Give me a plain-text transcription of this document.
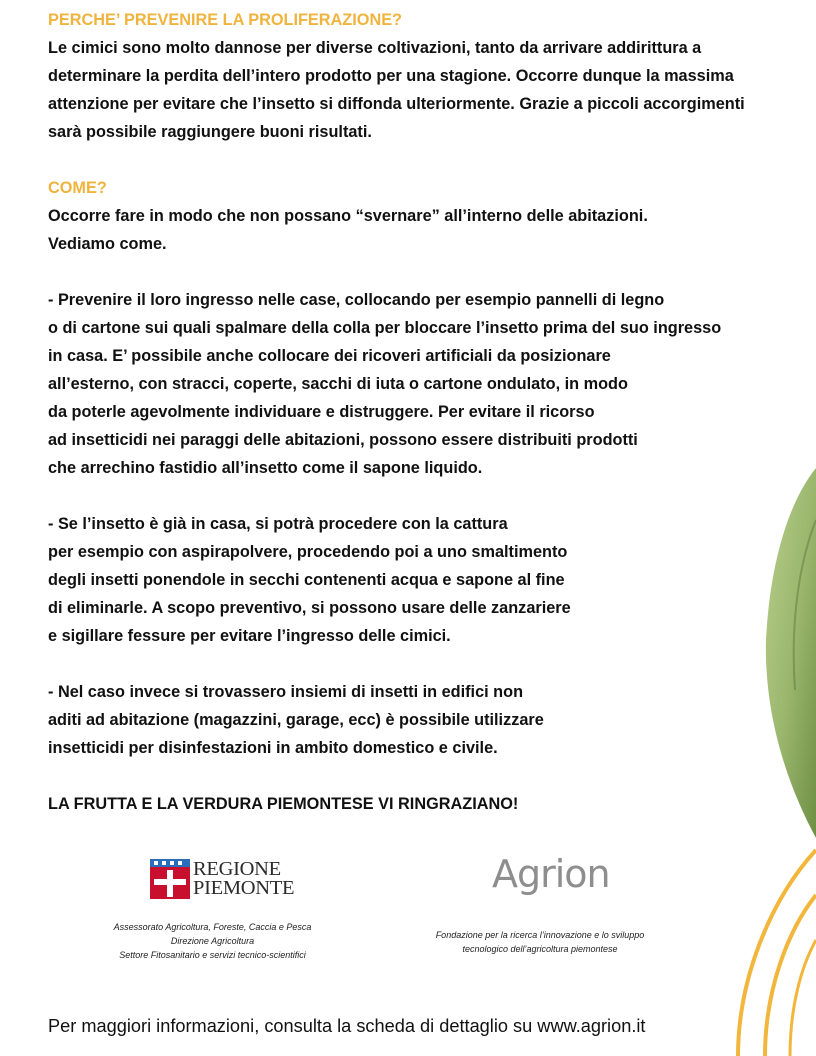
PERCHE’ PREVENIRE LA PROLIFERAZIONE?
Le cimici sono molto dannose per diverse coltivazioni, tanto da arrivare addirittura a
determinare la perdita dell’intero prodotto per una stagione. Occorre dunque la massima
attenzione per evitare che l’insetto si diffonda ulteriormente. Grazie a piccoli accorgimenti
sarà possibile raggiungere buoni risultati.
COME?
Occorre fare in modo che non possano “svernare” all’interno delle abitazioni.
Vediamo come.
- Prevenire il loro ingresso nelle case, collocando per esempio pannelli di legno
o di cartone sui quali spalmare della colla per bloccare l’insetto prima del suo ingresso
in casa. E’ possibile anche collocare dei ricoveri artificiali da posizionare
all’esterno, con stracci, coperte, sacchi di iuta o cartone ondulato, in modo
da poterle agevolmente individuare e distruggere. Per evitare il ricorso
ad insetticidi nei paraggi delle abitazioni, possono essere distribuiti prodotti
che arrechino fastidio all’insetto come il sapone liquido.
- Se l’insetto è già in casa, si potrà procedere con la cattura
per esempio con aspirapolvere, procedendo poi a uno smaltimento
degli insetti ponendole in secchi contenenti acqua e sapone al fine
di eliminarle. A scopo preventivo, si possono usare delle zanzariere
e sigillare fessure per evitare l’ingresso delle cimici.
- Nel caso invece si trovassero insiemi di insetti in edifici non
aditi ad abitazione (magazzini, garage, ecc) è possibile utilizzare
insetticidi per disinfestazioni in ambito domestico e civile.
LA FRUTTA E LA VERDURA PIEMONTESE VI RINGRAZIANO!
REGIONE
PIEMONTE
Assessorato Agricoltura, Foreste, Caccia e Pesca
Direzione Agricoltura
Settore Fitosanitario e servizi tecnico-scientifici
Agrion
Fondazione per la ricerca l’innovazione e lo sviluppo
tecnologico dell’agricoltura piemontese
Per maggiori informazioni, consulta la scheda di dettaglio su www.agrion.it
